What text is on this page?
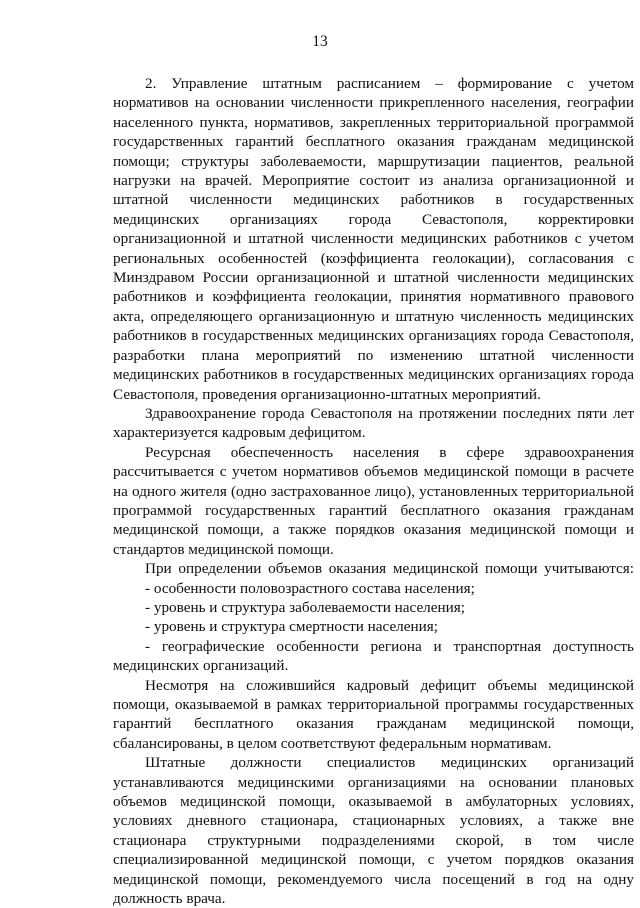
13

2. Управление штатным расписанием – формирование с учетом нормативов на основании численности прикрепленного населения, географии населенного пункта, нормативов, закрепленных территориальной программой государственных гарантий бесплатного оказания гражданам медицинской помощи; структуры заболеваемости, маршрутизации пациентов, реальной нагрузки на врачей. Мероприятие состоит из анализа организационной и штатной численности медицинских работников в государственных медицинских организациях города Севастополя, корректировки организационной и штатной численности медицинских работников с учетом региональных особенностей (коэффициента геолокации), согласования с Минздравом России организационной и штатной численности медицинских работников и коэффициента геолокации, принятия нормативного правового акта, определяющего организационную и штатную численность медицинских работников в государственных медицинских организациях города Севастополя, разработки плана мероприятий по изменению штатной численности медицинских работников в государственных медицинских организациях города Севастополя, проведения организационно-штатных мероприятий.

Здравоохранение города Севастополя на протяжении последних пяти лет характеризуется кадровым дефицитом.

Ресурсная обеспеченность населения в сфере здравоохранения рассчитывается с учетом нормативов объемов медицинской помощи в расчете на одного жителя (одно застрахованное лицо), установленных территориальной программой государственных гарантий бесплатного оказания гражданам медицинской помощи, а также порядков оказания медицинской помощи и стандартов медицинской помощи.

При определении объемов оказания медицинской помощи учитываются:

- особенности половозрастного состава населения;

- уровень и структура заболеваемости населения;

- уровень и структура смертности населения;

- географические особенности региона и транспортная доступность медицинских организаций.

Несмотря на сложившийся кадровый дефицит объемы медицинской помощи, оказываемой в рамках территориальной программы государственных гарантий бесплатного оказания гражданам медицинской помощи, сбалансированы, в целом соответствуют федеральным нормативам.

Штатные должности специалистов медицинских организаций устанавливаются медицинскими организациями на основании плановых объемов медицинской помощи, оказываемой в амбулаторных условиях, условиях дневного стационара, стационарных условиях, а также вне стационара структурными подразделениями скорой, в том числе специализированной медицинской помощи, с учетом порядков оказания медицинской помощи, рекомендуемого числа посещений в год на одну должность врача.
